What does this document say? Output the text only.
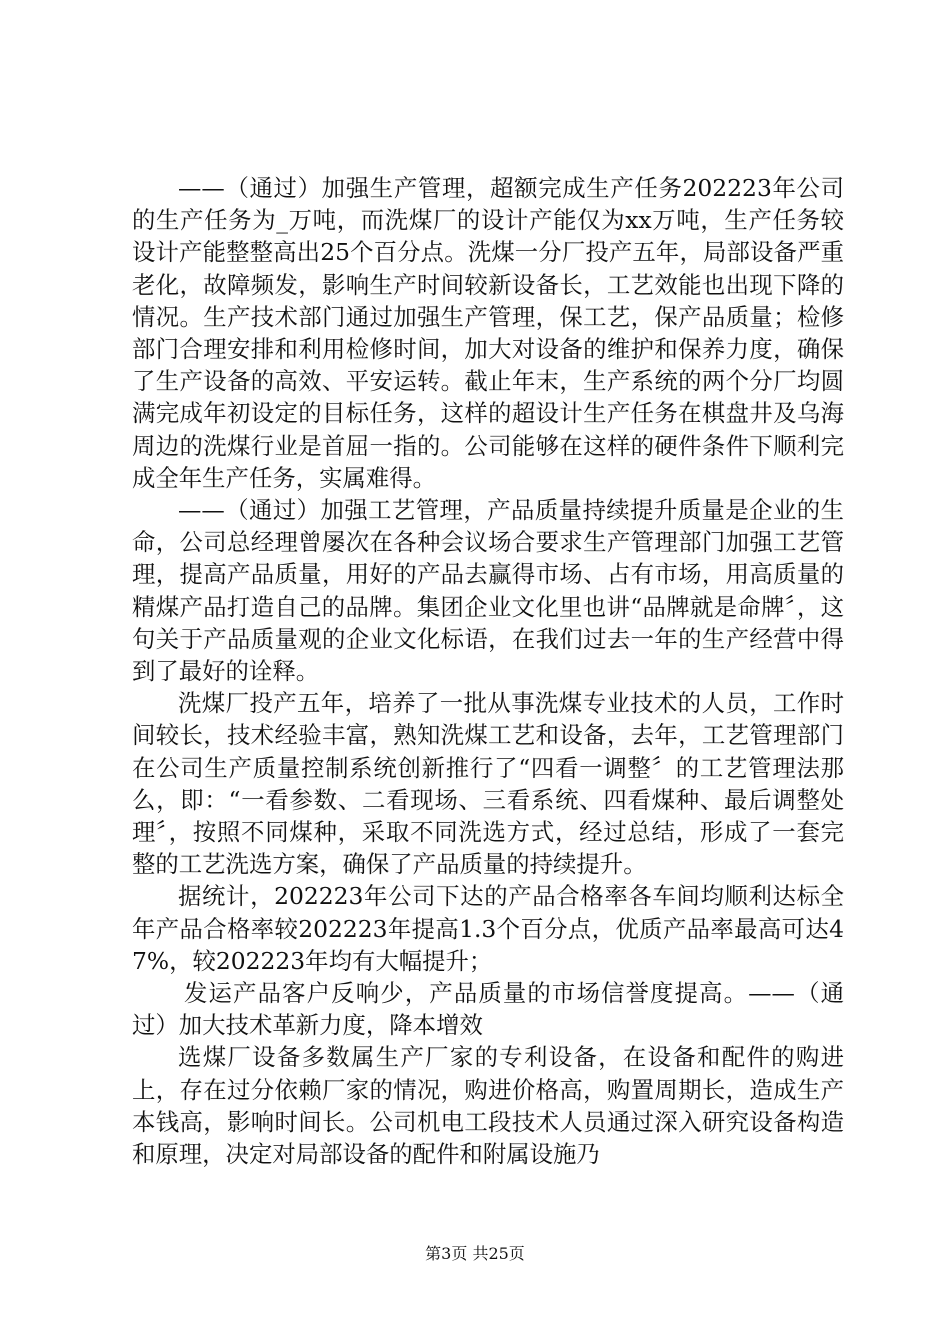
——（通过）加强生产管理，超额完成生产任务202223年公司的生产任务为_万吨，而洗煤厂的设计产能仅为xx万吨，生产任务较设计产能整整高出25个百分点。洗煤一分厂投产五年，局部设备严重老化，故障频发，影响生产时间较新设备长，工艺效能也出现下降的情况。生产技术部门通过加强生产管理，保工艺，保产品质量；检修部门合理安排和利用检修时间，加大对设备的维护和保养力度，确保了生产设备的高效、平安运转。截止年末，生产系统的两个分厂均圆满完成年初设定的目标任务，这样的超设计生产任务在棋盘井及乌海周边的洗煤行业是首屈一指的。公司能够在这样的硬件条件下顺利完成全年生产任务，实属难得。

——（通过）加强工艺管理，产品质量持续提升质量是企业的生命，公司总经理曾屡次在各种会议场合要求生产管理部门加强工艺管理，提高产品质量，用好的产品去赢得市场、占有市场，用高质量的精煤产品打造自己的品牌。集团企业文化里也讲“品牌就是命牌〞，这句关于产品质量观的企业文化标语，在我们过去一年的生产经营中得到了最好的诠释。

洗煤厂投产五年，培养了一批从事洗煤专业技术的人员，工作时间较长，技术经验丰富，熟知洗煤工艺和设备，去年，工艺管理部门在公司生产质量控制系统创新推行了“四看一调整〞的工艺管理法那么，即：“一看参数、二看现场、三看系统、四看煤种、最后调整处理〞，按照不同煤种，采取不同洗选方式，经过总结，形成了一套完整的工艺洗选方案，确保了产品质量的持续提升。

据统计，202223年公司下达的产品合格率各车间均顺利达标全年产品合格率较202223年提高1.3个百分点，优质产品率最高可达47%，较202223年均有大幅提升；

发运产品客户反响少，产品质量的市场信誉度提高。——（通过）加大技术革新力度，降本增效

选煤厂设备多数属生产厂家的专利设备，在设备和配件的购进上，存在过分依赖厂家的情况，购进价格高，购置周期长，造成生产本钱高，影响时间长。公司机电工段技术人员通过深入研究设备构造和原理，决定对局部设备的配件和附属设施乃

第3页 共25页
